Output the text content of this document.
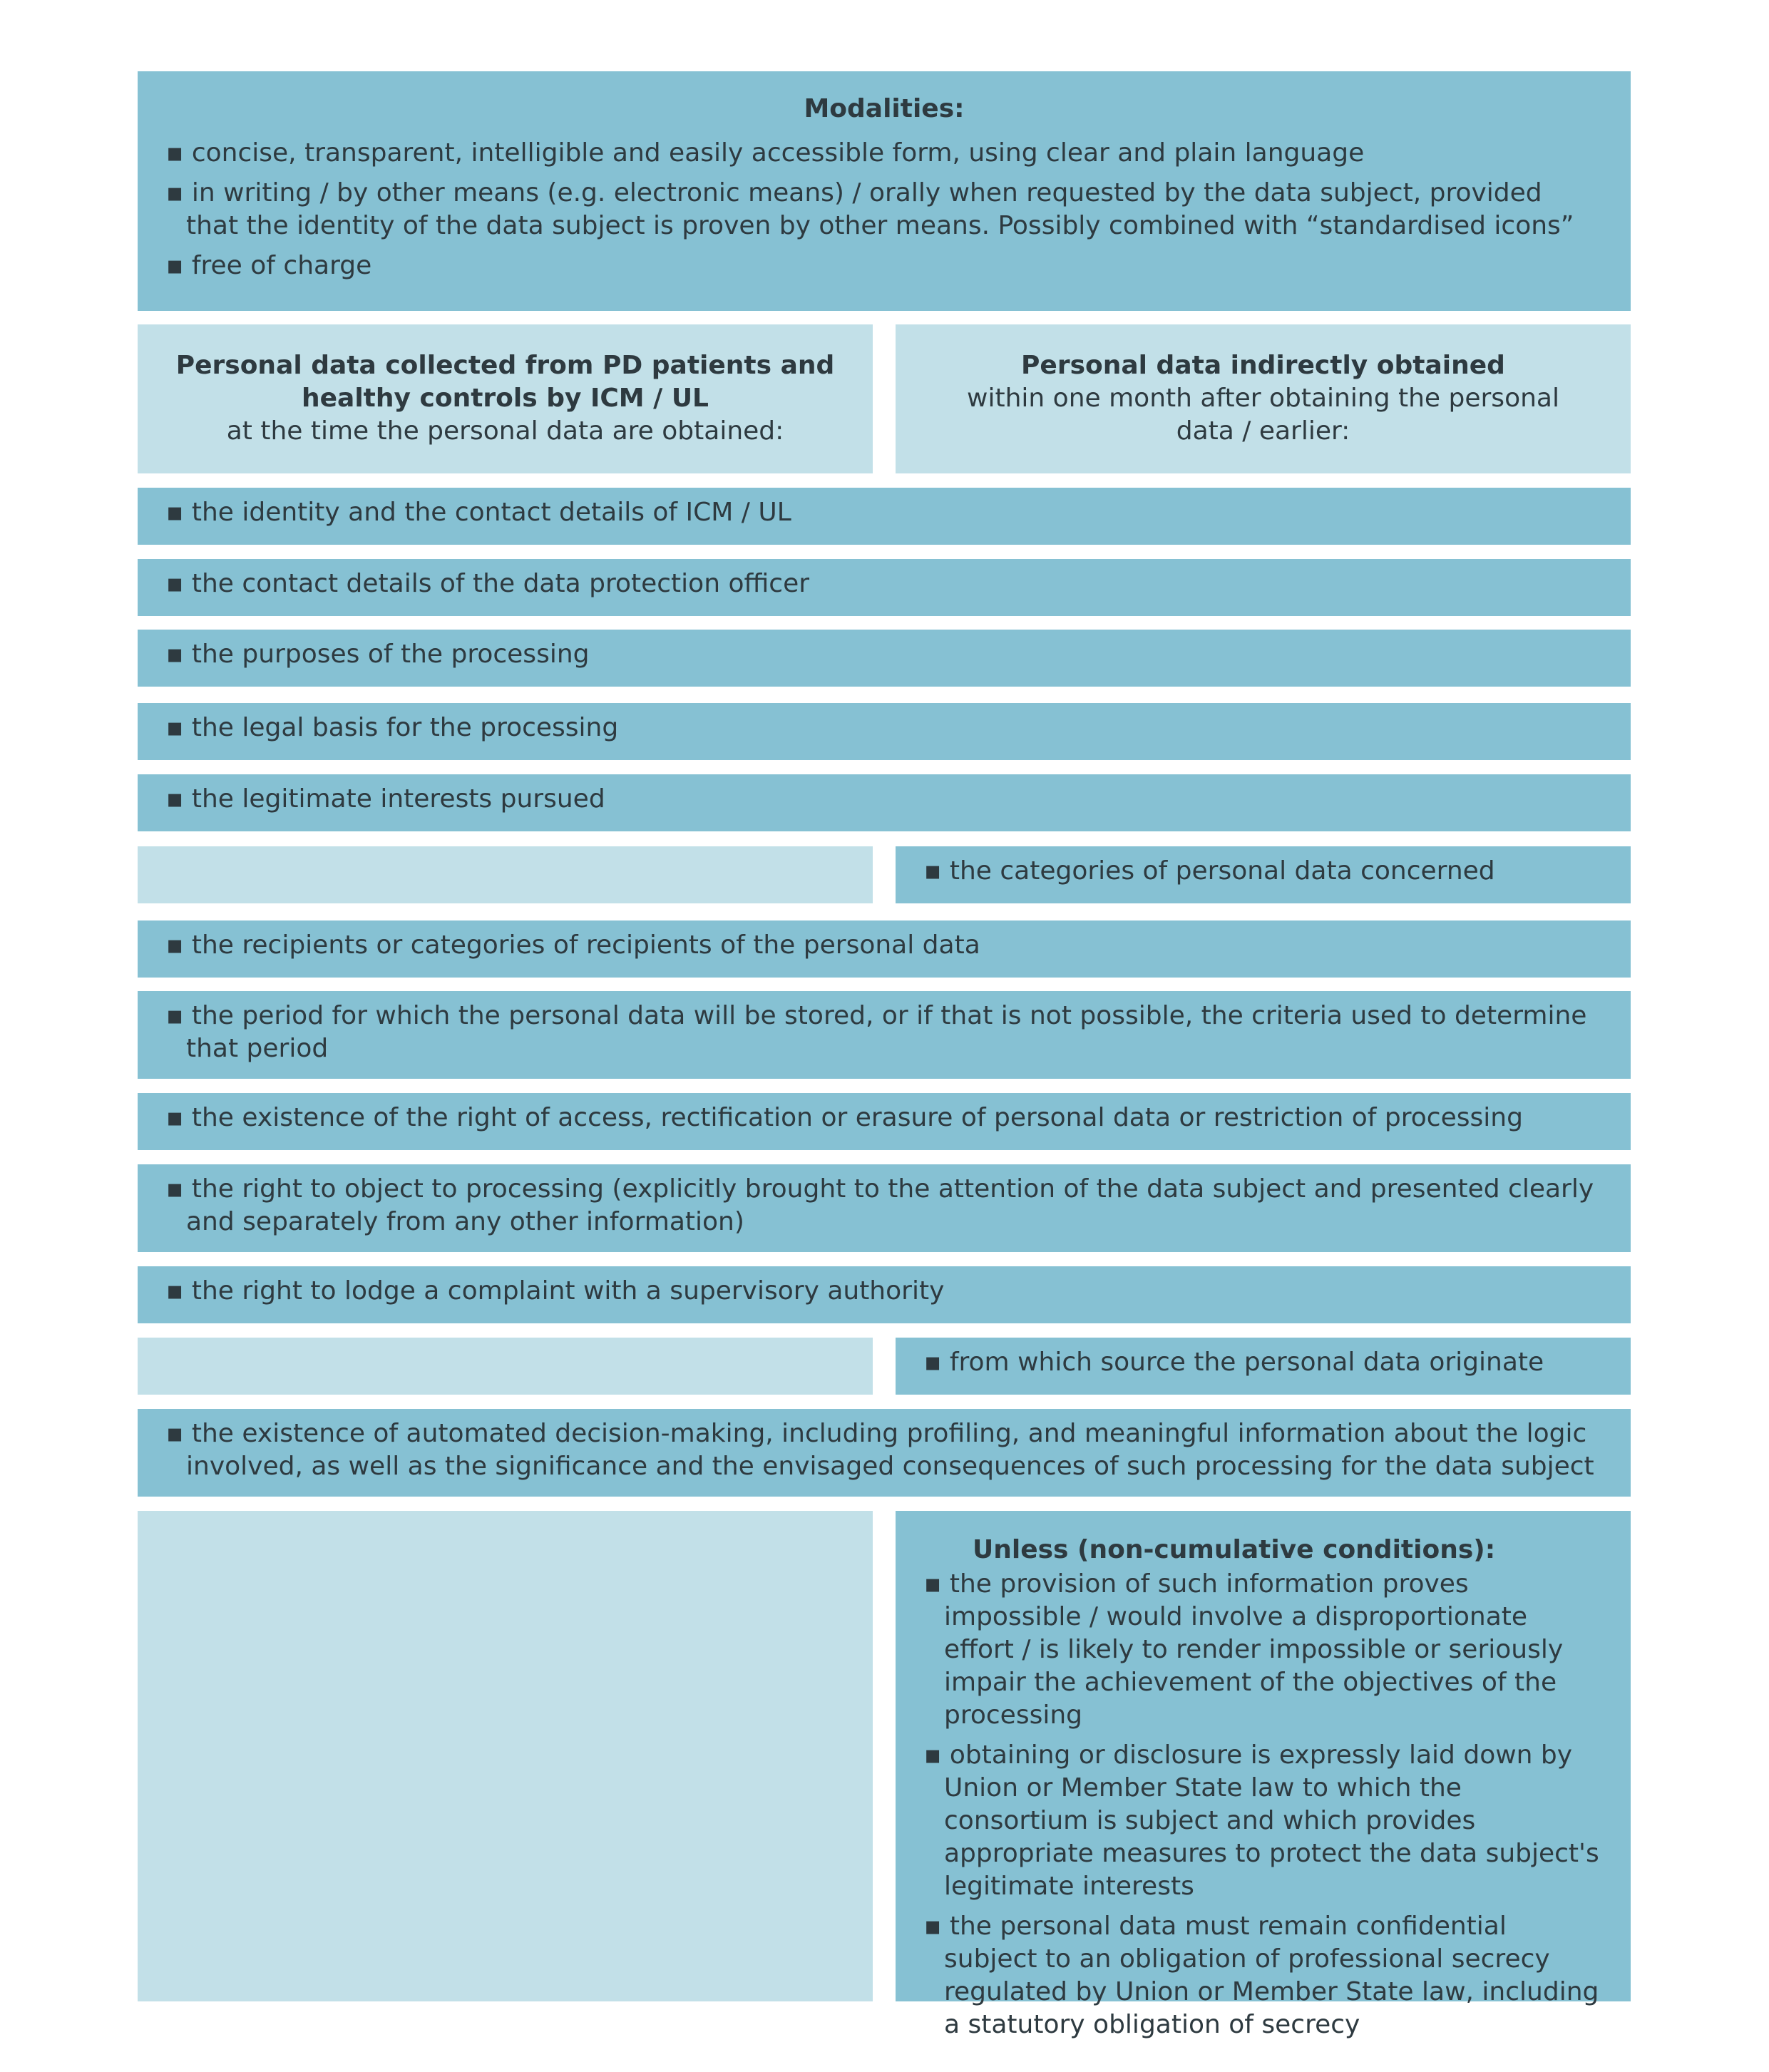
Modalities:
▪ concise, transparent, intelligible and easily accessible form, using clear and plain language
▪ in writing / by other means (e.g. electronic means) / orally when requested by the data subject, provided that the identity of the data subject is proven by other means. Possibly combined with “standardised icons”
▪ free of charge
Personal data collected from PD patients and healthy controls by ICM / UL
at the time the personal data are obtained:
Personal data indirectly obtained
within one month after obtaining the personal data / earlier:
▪ the identity and the contact details of ICM / UL
▪ the contact details of the data protection officer
▪ the purposes of the processing
▪ the legal basis for the processing
▪ the legitimate interests pursued
▪ the categories of personal data concerned
▪ the recipients or categories of recipients of the personal data
▪ the period for which the personal data will be stored, or if that is not possible, the criteria used to determine that period
▪ the existence of the right of access, rectification or erasure of personal data or restriction of processing
▪ the right to object to processing (explicitly brought to the attention of the data subject and presented clearly and separately from any other information)
▪ the right to lodge a complaint with a supervisory authority
▪ from which source the personal data originate
▪ the existence of automated decision-making, including profiling, and meaningful information about the logic involved, as well as the significance and the envisaged consequences of such processing for the data subject
Unless (non-cumulative conditions):
▪ the provision of such information proves impossible / would involve a disproportionate effort / is likely to render impossible or seriously impair the achievement of the objectives of the processing
▪ obtaining or disclosure is expressly laid down by Union or Member State law to which the consortium is subject and which provides appropriate measures to protect the data subject's legitimate interests
▪ the personal data must remain confidential subject to an obligation of professional secrecy regulated by Union or Member State law, including a statutory obligation of secrecy
